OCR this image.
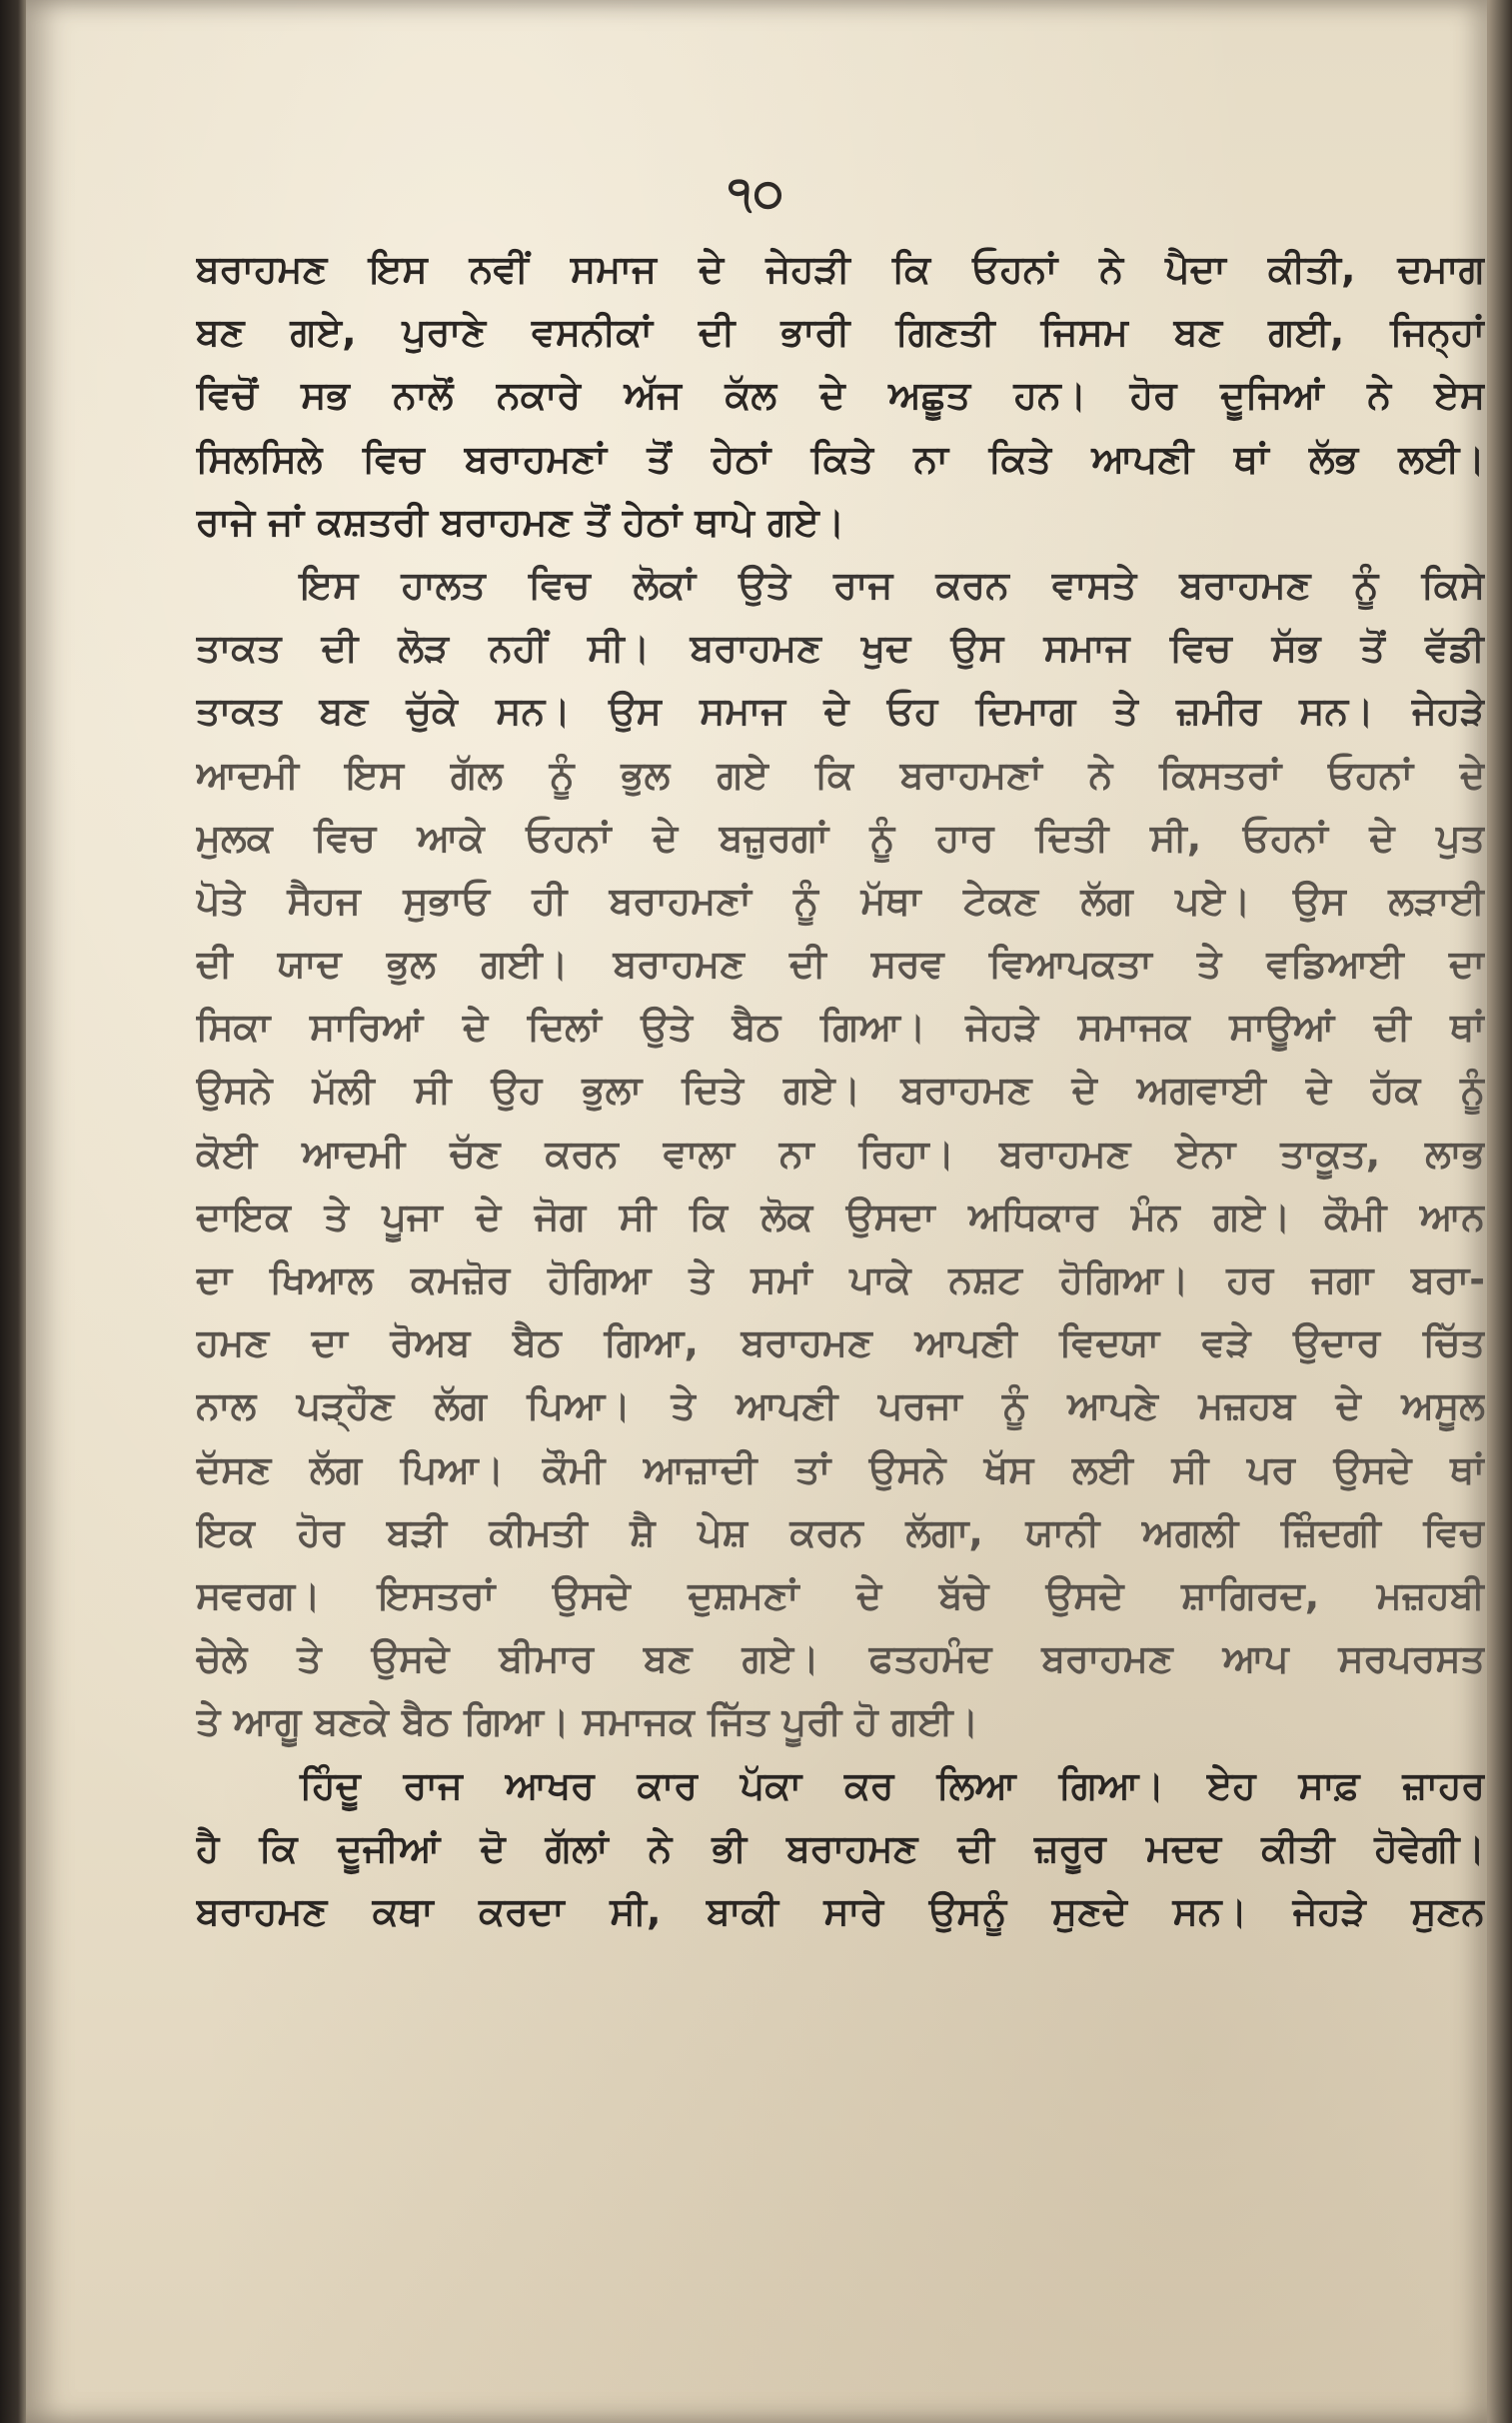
੧੦
ਬਰਾਹਮਣ ਇਸ ਨਵੀਂ ਸਮਾਜ ਦੇ ਜੇਹੜੀ ਕਿ ਓਹਨਾਂ ਨੇ ਪੈਦਾ ਕੀਤੀ, ਦਮਾਗ
ਬਣ ਗਏ, ਪੁਰਾਣੇ ਵਸਨੀਕਾਂ ਦੀ ਭਾਰੀ ਗਿਣਤੀ ਜਿਸਮ ਬਣ ਗਈ, ਜਿਨ੍ਹਾਂ
ਵਿਚੋਂ ਸਭ ਨਾਲੋਂ ਨਕਾਰੇ ਅੱਜ ਕੱਲ ਦੇ ਅਛੂਤ ਹਨ। ਹੋਰ ਦੂਜਿਆਂ ਨੇ ਏਸ
ਸਿਲਸਿਲੇ ਵਿਚ ਬਰਾਹਮਣਾਂ ਤੋਂ ਹੇਠਾਂ ਕਿਤੇ ਨਾ ਕਿਤੇ ਆਪਣੀ ਥਾਂ ਲੱਭ ਲਈ।
ਰਾਜੇ ਜਾਂ ਕਸ਼ਤਰੀ ਬਰਾਹਮਣ ਤੋਂ ਹੇਠਾਂ ਥਾਪੇ ਗਏ।
ਇਸ ਹਾਲਤ ਵਿਚ ਲੋਕਾਂ ਉਤੇ ਰਾਜ ਕਰਨ ਵਾਸਤੇ ਬਰਾਹਮਣ ਨੂੰ ਕਿਸੇ
ਤਾਕਤ ਦੀ ਲੋੜ ਨਹੀਂ ਸੀ। ਬਰਾਹਮਣ ਖੁਦ ਉਸ ਸਮਾਜ ਵਿਚ ਸੱਭ ਤੋਂ ਵੱਡੀ
ਤਾਕਤ ਬਣ ਚੁੱਕੇ ਸਨ। ਉਸ ਸਮਾਜ ਦੇ ਓਹ ਦਿਮਾਗ ਤੇ ਜ਼ਮੀਰ ਸਨ। ਜੇਹੜੇ
ਆਦਮੀ ਇਸ ਗੱਲ ਨੂੰ ਭੁਲ ਗਏ ਕਿ ਬਰਾਹਮਣਾਂ ਨੇ ਕਿਸਤਰਾਂ ਓਹਨਾਂ ਦੇ
ਮੁਲਕ ਵਿਚ ਆਕੇ ਓਹਨਾਂ ਦੇ ਬਜ਼ੁਰਗਾਂ ਨੂੰ ਹਾਰ ਦਿਤੀ ਸੀ, ਓਹਨਾਂ ਦੇ ਪੁਤ
ਪੋਤੇ ਸੈਹਜ ਸੁਭਾਓ ਹੀ ਬਰਾਹਮਣਾਂ ਨੂੰ ਮੱਥਾ ਟੇਕਣ ਲੱਗ ਪਏ। ਉਸ ਲੜਾਈ
ਦੀ ਯਾਦ ਭੁਲ ਗਈ। ਬਰਾਹਮਣ ਦੀ ਸਰਵ ਵਿਆਪਕਤਾ ਤੇ ਵਡਿਆਈ ਦਾ
ਸਿਕਾ ਸਾਰਿਆਂ ਦੇ ਦਿਲਾਂ ਉਤੇ ਬੈਠ ਗਿਆ। ਜੇਹੜੇ ਸਮਾਜਕ ਸਾਊਆਂ ਦੀ ਥਾਂ
ਉਸਨੇ ਮੱਲੀ ਸੀ ਉਹ ਭੁਲਾ ਦਿਤੇ ਗਏ। ਬਰਾਹਮਣ ਦੇ ਅਗਵਾਈ ਦੇ ਹੱਕ ਨੂੰ
ਕੋਈ ਆਦਮੀ ਚੱਣ ਕਰਨ ਵਾਲਾ ਨਾ ਰਿਹਾ। ਬਰਾਹਮਣ ਏਨਾ ਤਾਕੂਤ, ਲਾਭ
ਦਾਇਕ ਤੇ ਪੂਜਾ ਦੇ ਜੋਗ ਸੀ ਕਿ ਲੋਕ ਉਸਦਾ ਅਧਿਕਾਰ ਮੰਨ ਗਏ। ਕੌਮੀ ਆਨ
ਦਾ ਖਿਆਲ ਕਮਜ਼ੋਰ ਹੋਗਿਆ ਤੇ ਸਮਾਂ ਪਾਕੇ ਨਸ਼ਟ ਹੋਗਿਆ। ਹਰ ਜਗਾ ਬਰਾ-
ਹਮਣ ਦਾ ਰੋਅਬ ਬੈਠ ਗਿਆ, ਬਰਾਹਮਣ ਆਪਣੀ ਵਿਦਯਾ ਵੜੇ ਉਦਾਰ ਚਿੱਤ
ਨਾਲ ਪੜ੍ਹੌਣ ਲੱਗ ਪਿਆ। ਤੇ ਆਪਣੀ ਪਰਜਾ ਨੂੰ ਆਪਣੇ ਮਜ਼ਹਬ ਦੇ ਅਸੂਲ
ਦੱਸਣ ਲੱਗ ਪਿਆ। ਕੌਮੀ ਆਜ਼ਾਦੀ ਤਾਂ ਉਸਨੇ ਖੱਸ ਲਈ ਸੀ ਪਰ ਉਸਦੇ ਥਾਂ
ਇਕ ਹੋਰ ਬੜੀ ਕੀਮਤੀ ਸ਼ੈ ਪੇਸ਼ ਕਰਨ ਲੱਗਾ, ਯਾਨੀ ਅਗਲੀ ਜ਼ਿੰਦਗੀ ਵਿਚ
ਸਵਰਗ। ਇਸਤਰਾਂ ਉਸਦੇ ਦੁਸ਼ਮਣਾਂ ਦੇ ਬੱਚੇ ਉਸਦੇ ਸ਼ਾਗਿਰਦ, ਮਜ਼ਹਬੀ
ਚੇਲੇ ਤੇ ਉਸਦੇ ਬੀਮਾਰ ਬਣ ਗਏ। ਫਤਹਮੰਦ ਬਰਾਹਮਣ ਆਪ ਸਰਪਰਸਤ
ਤੇ ਆਗੂ ਬਣਕੇ ਬੈਠ ਗਿਆ। ਸਮਾਜਕ ਜਿੱਤ ਪੂਰੀ ਹੋ ਗਈ।
ਹਿੰਦੂ ਰਾਜ ਆਖਰ ਕਾਰ ਪੱਕਾ ਕਰ ਲਿਆ ਗਿਆ। ਏਹ ਸਾਫ਼ ਜ਼ਾਹਰ
ਹੈ ਕਿ ਦੂਜੀਆਂ ਦੋ ਗੱਲਾਂ ਨੇ ਭੀ ਬਰਾਹਮਣ ਦੀ ਜ਼ਰੂਰ ਮਦਦ ਕੀਤੀ ਹੋਵੇਗੀ।
ਬਰਾਹਮਣ ਕਥਾ ਕਰਦਾ ਸੀ, ਬਾਕੀ ਸਾਰੇ ਉਸਨੂੰ ਸੁਣਦੇ ਸਨ। ਜੇਹੜੇ ਸੁਣਨ
